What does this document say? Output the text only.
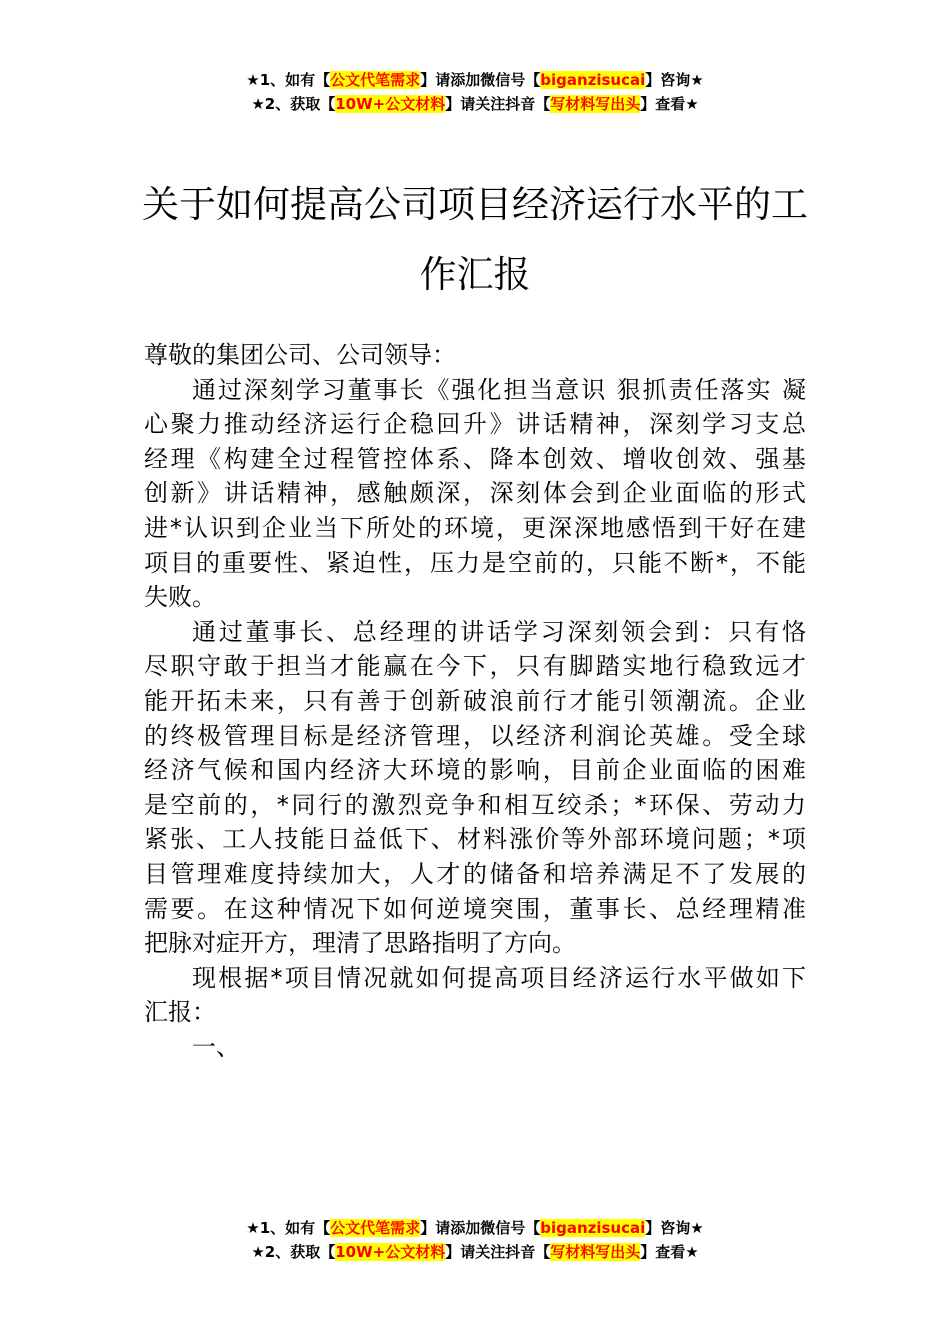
★1、如有【公文代笔需求】请添加微信号【biganzisucai】咨询★
★2、获取【10W+公文材料】请关注抖音【写材料写出头】查看★
关于如何提高公司项目经济运行水平的工
作汇报

尊敬的集团公司、公司领导：

通过深刻学习董事长《强化担当意识 狠抓责任落实 凝
心聚力推动经济运行企稳回升》讲话精神，深刻学习支总
经理《构建全过程管控体系、降本创效、增收创效、强基
创新》讲话精神，感触颇深，深刻体会到企业面临的形式
进*认识到企业当下所处的环境，更深深地感悟到干好在建
项目的重要性、紧迫性，压力是空前的，只能不断*，不能
失败。
通过董事长、总经理的讲话学习深刻领会到：只有恪
尽职守敢于担当才能赢在今下，只有脚踏实地行稳致远才
能开拓未来，只有善于创新破浪前行才能引领潮流。企业
的终极管理目标是经济管理，以经济利润论英雄。受全球
经济气候和国内经济大环境的影响，目前企业面临的困难
是空前的，*同行的激烈竞争和相互绞杀；*环保、劳动力
紧张、工人技能日益低下、材料涨价等外部环境问题；*项
目管理难度持续加大，人才的储备和培养满足不了发展的
需要。在这种情况下如何逆境突围，董事长、总经理精准
把脉对症开方，理清了思路指明了方向。
现根据*项目情况就如何提高项目经济运行水平做如下
汇报：
一、
★1、如有【公文代笔需求】请添加微信号【biganzisucai】咨询★
★2、获取【10W+公文材料】请关注抖音【写材料写出头】查看★
